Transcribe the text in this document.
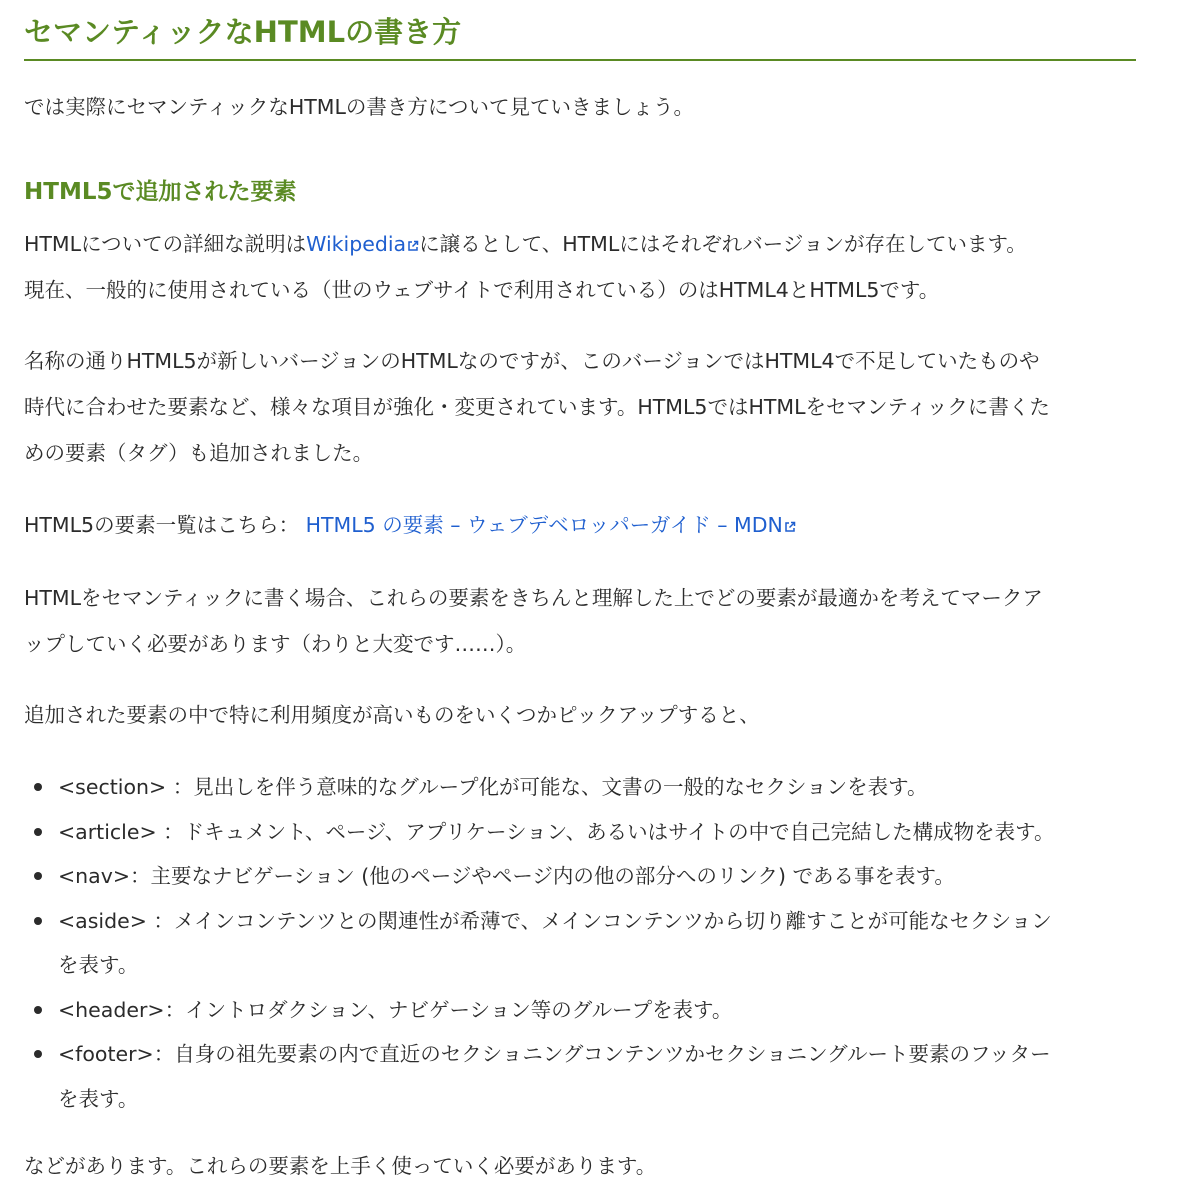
セマンティックなHTMLの書き方

では実際にセマンティックなHTMLの書き方について見ていきましょう。

HTML5で追加された要素

HTMLについての詳細な説明はWikipedia に譲るとして、HTMLにはそれぞれバージョンが存在しています。
現在、一般的に使用されている（世のウェブサイトで利用されている）のはHTML4とHTML5です。

名称の通りHTML5が新しいバージョンのHTMLなのですが、このバージョンではHTML4で不足していたものや
時代に合わせた要素など、様々な項目が強化・変更されています。HTML5ではHTMLをセマンティックに書くた
めの要素（タグ）も追加されました。

HTML5の要素一覧はこちら： HTML5 の要素 – ウェブデベロッパーガイド – MDN

HTMLをセマンティックに書く場合、これらの要素をきちんと理解した上でどの要素が最適かを考えてマークア
ップしていく必要があります（わりと大変です……）。

追加された要素の中で特に利用頻度が高いものをいくつかピックアップすると、

<section> ：見出しを伴う意味的なグループ化が可能な、文書の一般的なセクションを表す。
<article> ：ドキュメント、ページ、アプリケーション、あるいはサイトの中で自己完結した構成物を表す。
<nav>：主要なナビゲーション (他のページやページ内の他の部分へのリンク) である事を表す。
<aside> ：メインコンテンツとの関連性が希薄で、メインコンテンツから切り離すことが可能なセクション
を表す。
<header>：イントロダクション、ナビゲーション等のグループを表す。
<footer>：自身の祖先要素の内で直近のセクショニングコンテンツかセクショニングルート要素のフッター
を表す。

などがあります。これらの要素を上手く使っていく必要があります。
